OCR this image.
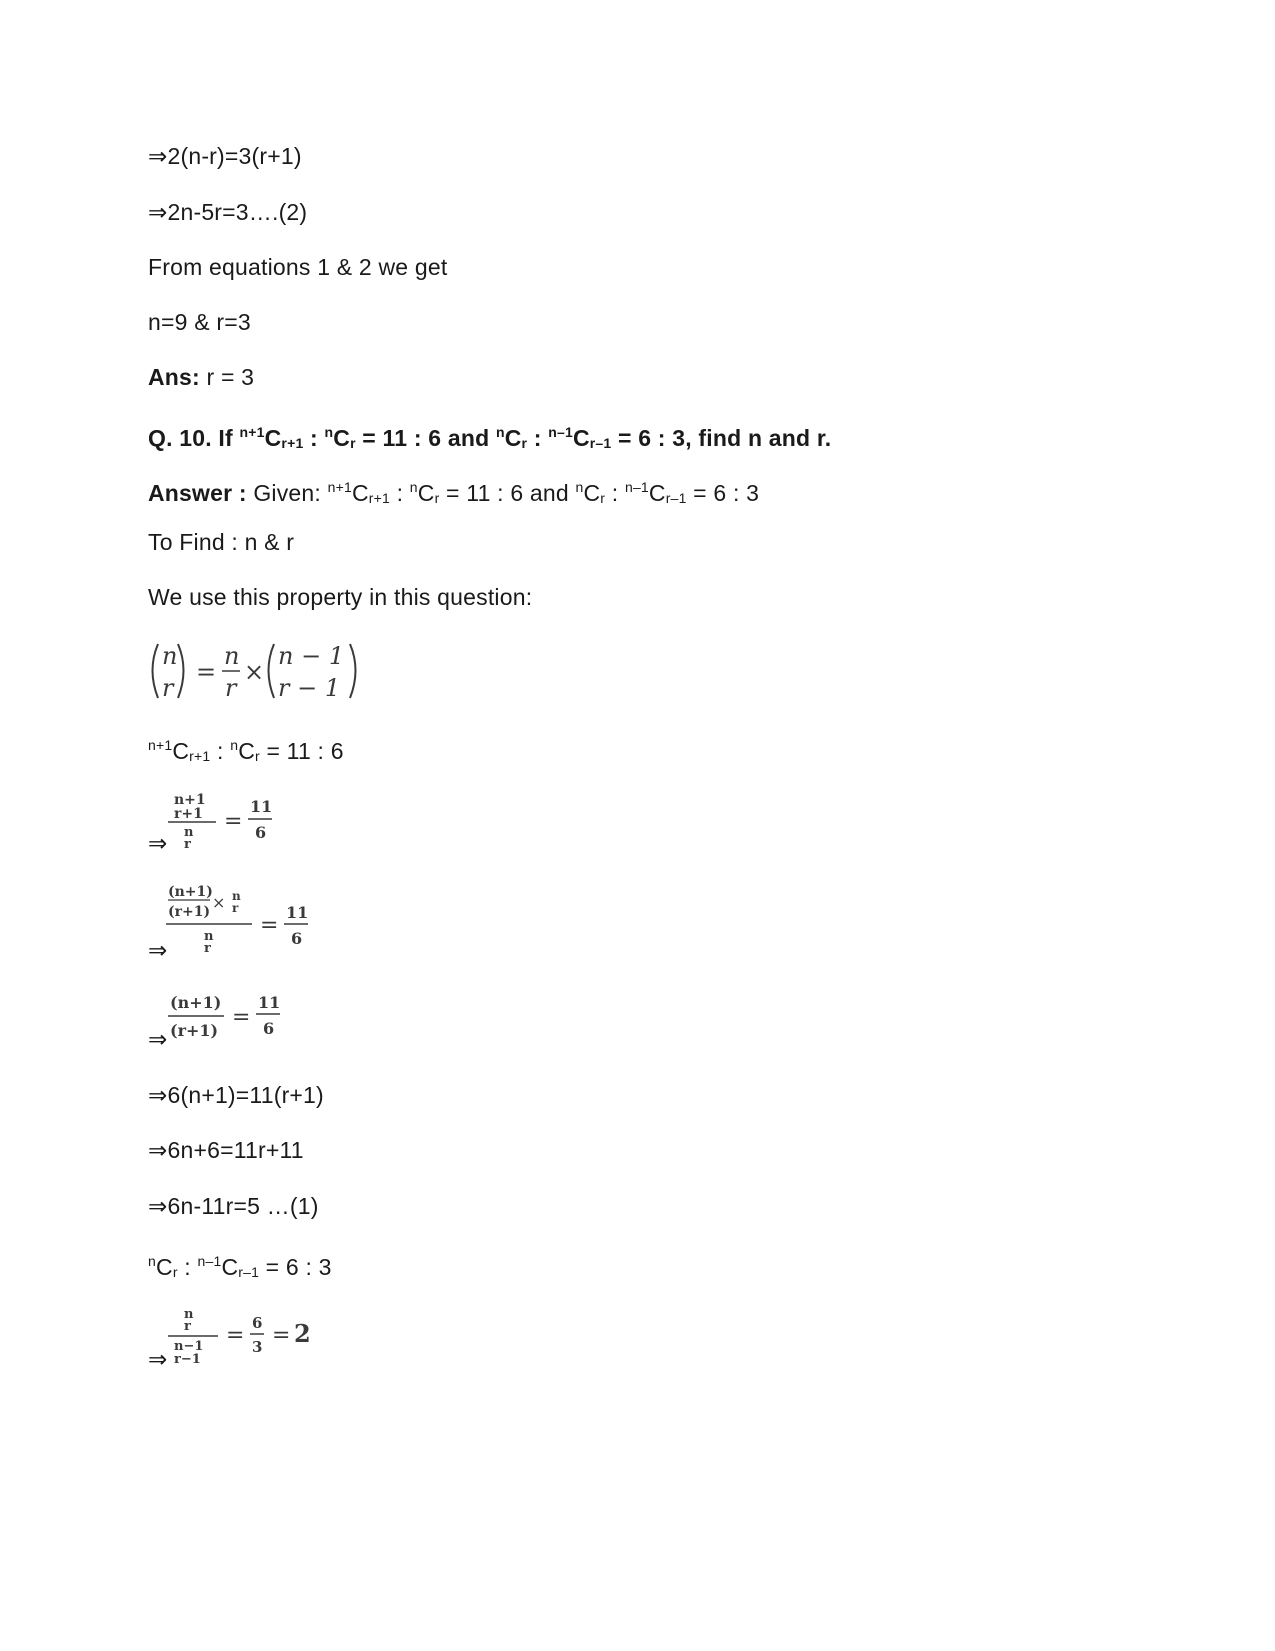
⇒2(n-r)=3(r+1)
⇒2n-5r=3….(2)
From equations 1 & 2 we get
n=9 & r=3
Ans: r = 3
Q. 10. If $^{n+1}$Cr+1 : $^n$Cr = 11 : 6 and $^n$Cr : $^{n-1}$Cr–1 = 6 : 3, find n and r.
Answer : Given: $^{n+1}$Cr+1 : $^n$Cr = 11 : 6 and $^n$Cr : $^{n-1}$Cr–1 = 6 : 3
To Find : n & r
We use this property in this question:
n
r
=
n
r
×
n − 1
r − 1
$^{n+1}$Cr+1 : $^n$Cr = 11 : 6
⇒
n+1
r+1
n
r
=
11
6
⇒
(n+1)
(r+1) × n
r
n
r
=
11
6
⇒
(n+1)
(r+1)
=
11
6
⇒6(n+1)=11(r+1)
⇒6n+6=11r+11
⇒6n-11r=5 …(1)
$^n$Cr : $^{n-1}$Cr–1 = 6 : 3
⇒
n
r
n−1
r−1
= 6
3 = 2
